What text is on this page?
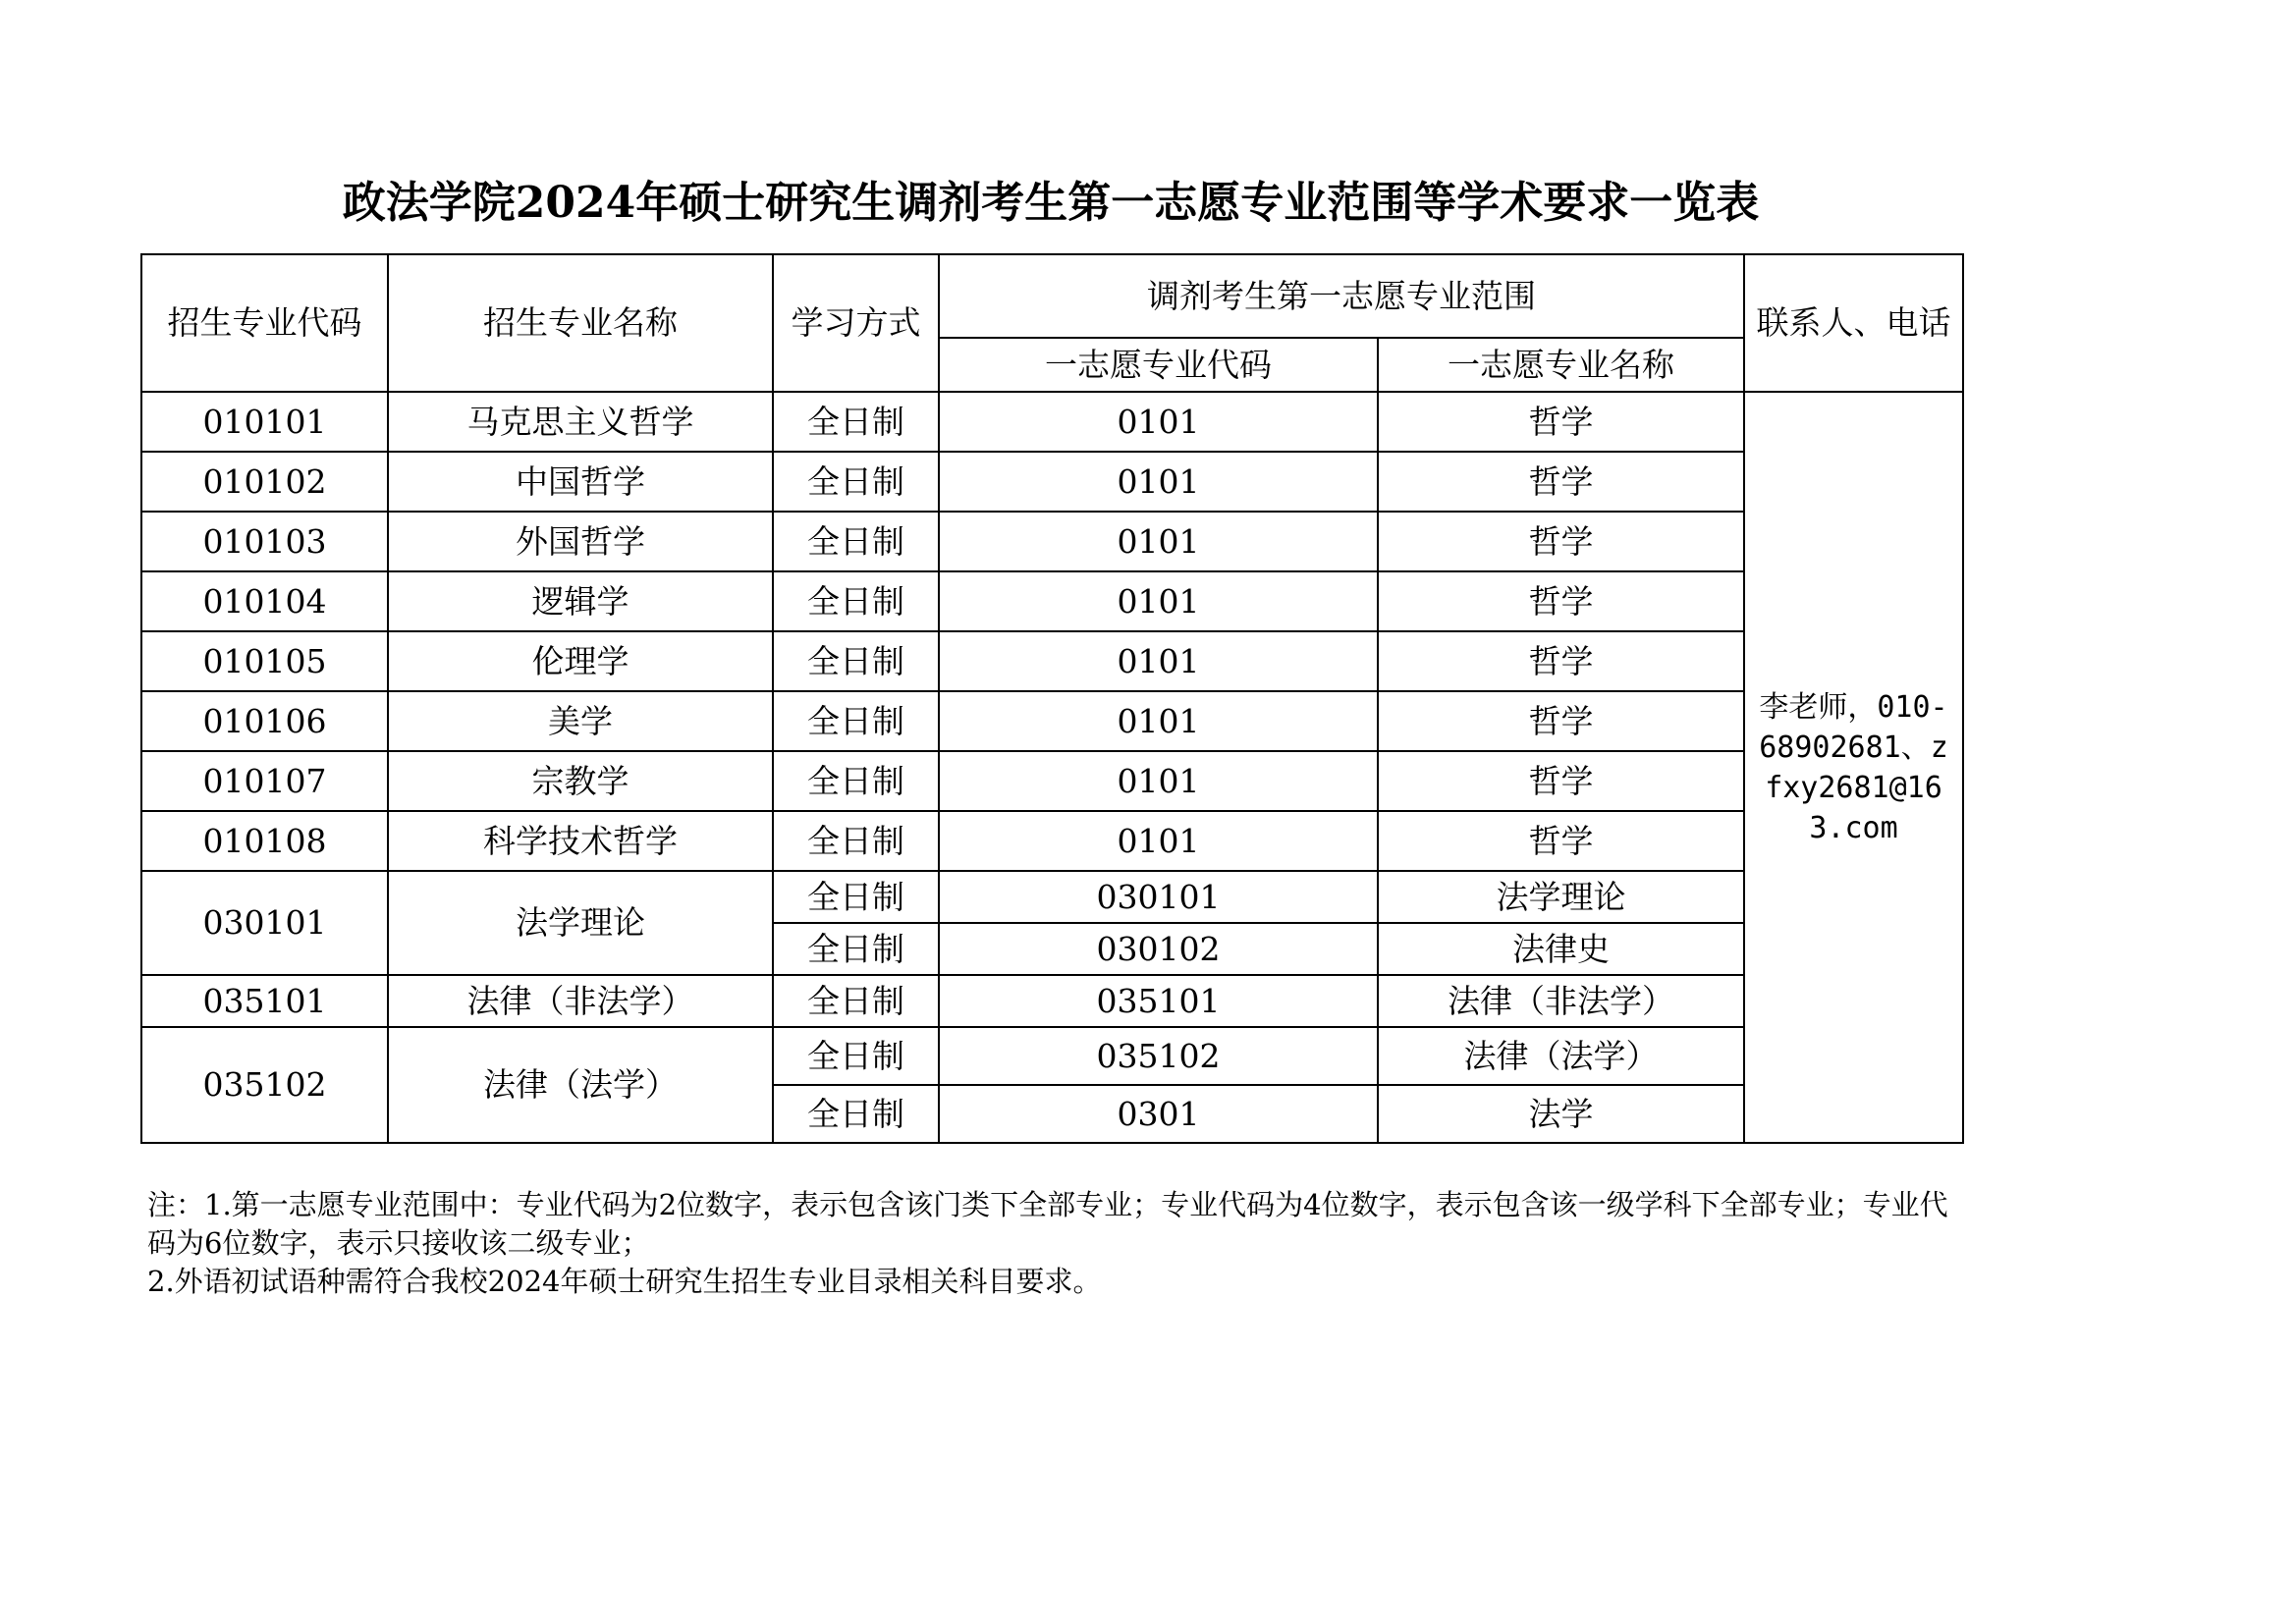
政法学院2024年硕士研究生调剂考生第一志愿专业范围等学术要求一览表
招生专业代码	招生专业名称	学习方式	调剂考生第一志愿专业范围		联系人、电话
			一志愿专业代码	一志愿专业名称	
010101	马克思主义哲学	全日制	0101	哲学	李老师，010-68902681、zfxy2681@163.com
010102	中国哲学	全日制	0101	哲学	
010103	外国哲学	全日制	0101	哲学	
010104	逻辑学	全日制	0101	哲学	
010105	伦理学	全日制	0101	哲学	
010106	美学	全日制	0101	哲学	
010107	宗教学	全日制	0101	哲学	
010108	科学技术哲学	全日制	0101	哲学	
030101	法学理论	全日制	030101	法学理论	
		全日制	030102	法律史	
035101	法律（非法学）	全日制	035101	法律（非法学）	
035102	法律（法学）	全日制	035102	法律（法学）	
		全日制	0301	法学	
注：1.第一志愿专业范围中：专业代码为2位数字，表示包含该门类下全部专业；专业代码为4位数字，表示包含该一级学科下全部专业；专业代码为6位数字，表示只接收该二级专业；
2.外语初试语种需符合我校2024年硕士研究生招生专业目录相关科目要求。
